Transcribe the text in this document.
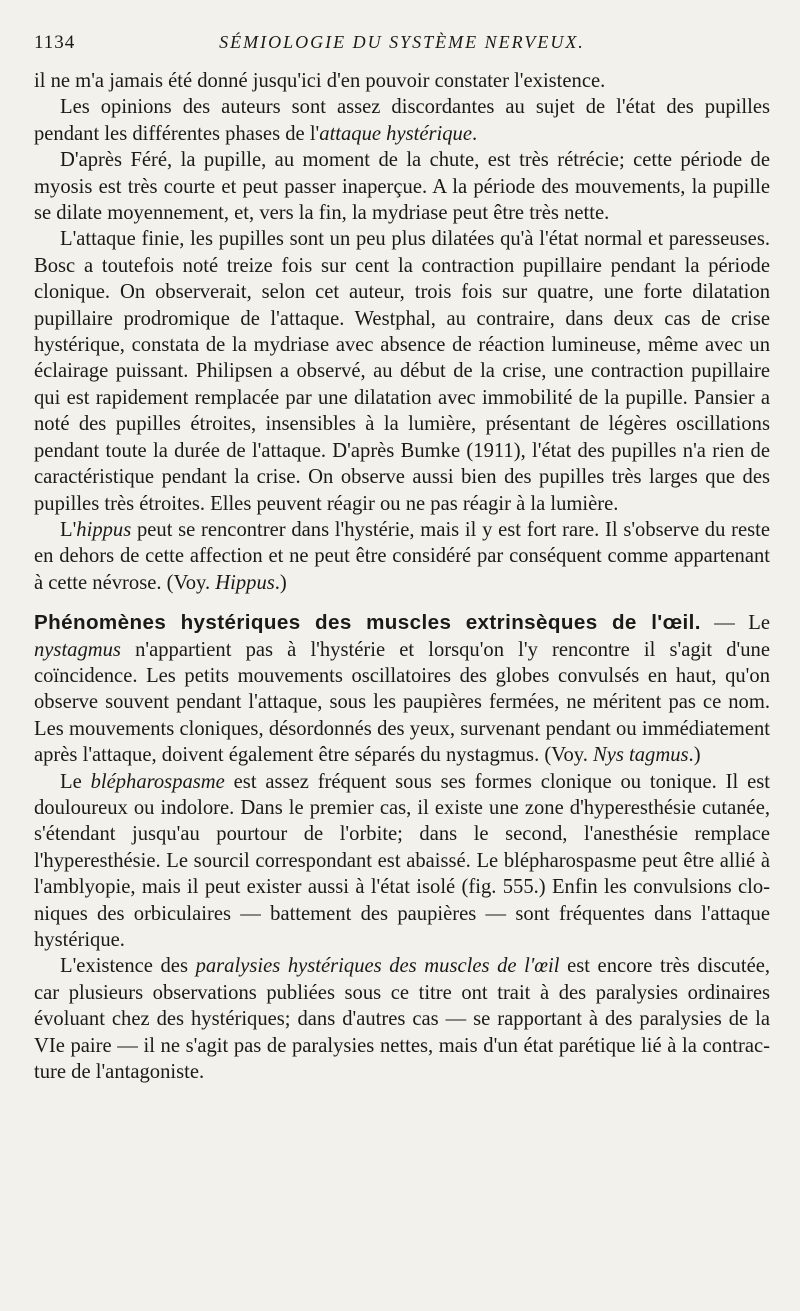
1134	SÉMIOLOGIE DU SYSTÈME NERVEUX.

il ne m'a jamais été donné jusqu'ici d'en pouvoir constater l'existence.

Les opinions des auteurs sont assez discordantes au sujet de l'état des pupilles pendant les différentes phases de l'attaque hystérique.

D'après Féré, la pupille, au moment de la chute, est très rétrécie; cette période de myosis est très courte et peut passer inaperçue. A la période des mouvements, la pupille se dilate moyennement, et, vers la fin, la mydriase peut être très nette.

L'attaque finie, les pupilles sont un peu plus dilatées qu'à l'état normal et paresseuses. Bosc a toutefois noté treize fois sur cent la contraction pupillaire pendant la période clonique. On observerait, selon cet auteur, trois fois sur quatre, une forte dilatation pupillaire prodromique de l'attaque. Westphal, au contraire, dans deux cas de crise hystérique, constata de la mydriase avec absence de réaction lumineuse, même avec un éclairage puissant. Philipsen a observé, au début de la crise, une contraction pupillaire qui est rapidement remplacée par une dilatation avec immobilité de la pupille. Pansier a noté des pupilles étroites, insensibles à la lumière, présentant de légères oscillations pendant toute la durée de l'attaque. D'après Bumke (1911), l'état des pupilles n'a rien de caractéristique pendant la crise. On observe aussi bien des pupilles très larges que des pupilles très étroites. Elles peuvent réagir ou ne pas réagir à la lumière.

L'hippus peut se rencontrer dans l'hystérie, mais il y est fort rare. Il s'observe du reste en dehors de cette affection et ne peut être considéré par conséquent comme appartenant à cette névrose. (Voy. Hippus.)

Phénomènes hystériques des muscles extrinsèques de l'œil. — Le nystagmus n'appartient pas à l'hystérie et lorsqu'on l'y rencontre il s'agit d'une coïncidence. Les petits mouvements oscillatoires des globes convulsés en haut, qu'on observe souvent pendant l'attaque, sous les paupières fermées, ne méritent pas ce nom. Les mouvements cloniques, désordonnés des yeux, survenant pendant ou immédiatement après l'attaque, doivent également être séparés du nystagmus. (Voy. Nys tagmus.)

Le blépharospasme est assez fréquent sous ses formes clonique ou tonique. Il est douloureux ou indolore. Dans le premier cas, il existe une zone d'hyperesthésie cutanée, s'étendant jusqu'au pourtour de l'orbite; dans le second, l'anesthésie remplace l'hyperesthésie. Le sourcil correspondant est abaissé. Le blépharospasme peut être allié à l'amblyopie, mais il peut exister aussi à l'état isolé (fig. 555.) Enfin les convulsions cloniques des orbiculaires — battement des paupières — sont fréquentes dans l'attaque hystérique.

L'existence des paralysies hystériques des muscles de l'œil est encore très discutée, car plusieurs observations publiées sous ce titre ont trait à des paralysies ordinaires évoluant chez des hystériques; dans d'autres cas — se rapportant à des paralysies de la VIe paire — il ne s'agit pas de paralysies nettes, mais d'un état parétique lié à la contracture de l'antagoniste.
